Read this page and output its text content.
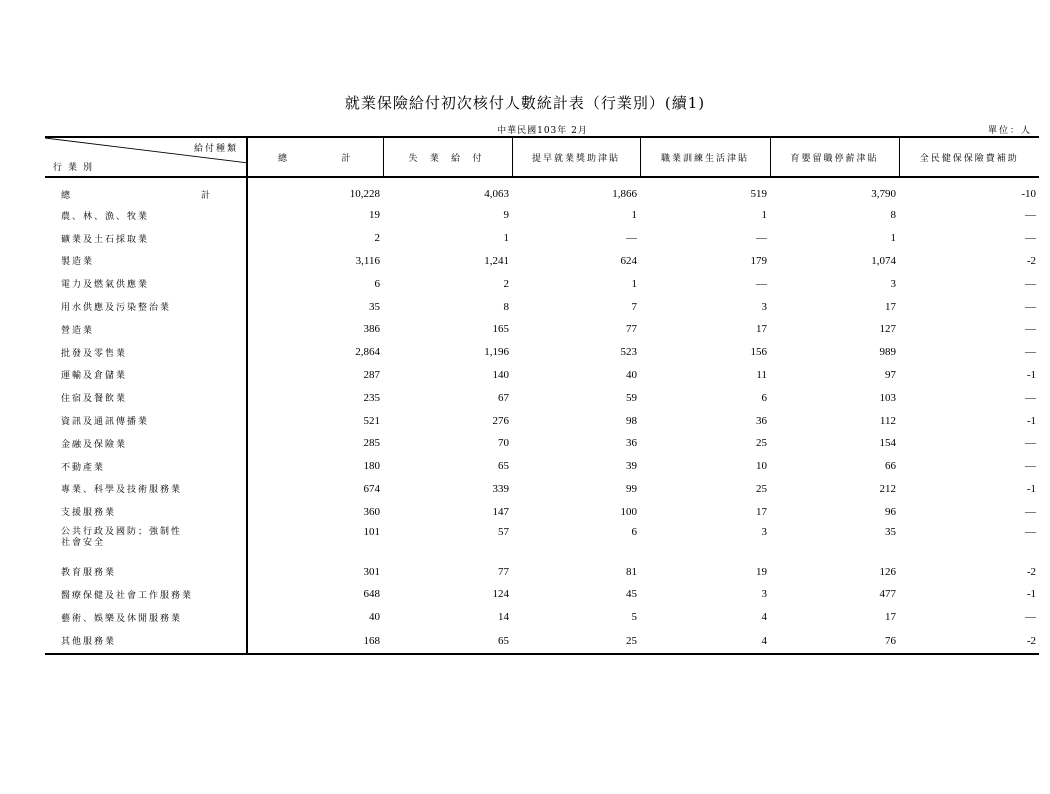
就業保險給付初次核付人數統計表（行業別）(續1)
中華民國103年 2月	單位：人
給付種類
行業別	總 計	失 業 給 付	提早就業獎助津貼	職業訓練生活津貼	育嬰留職停薪津貼	全民健保保險費補助

總 計	10,228	4,063	1,866	519	3,790	-10
農、林、漁、牧業	19	9	1	1	8	—
礦業及土石採取業	2	1	—	—	1	—
製造業	3,116	1,241	624	179	1,074	-2
電力及燃氣供應業	6	2	1	—	3	—
用水供應及污染整治業	35	8	7	3	17	—
營造業	386	165	77	17	127	—
批發及零售業	2,864	1,196	523	156	989	—
運輸及倉儲業	287	140	40	11	97	-1
住宿及餐飲業	235	67	59	6	103	—
資訊及通訊傳播業	521	276	98	36	112	-1
金融及保險業	285	70	36	25	154	—
不動產業	180	65	39	10	66	—
專業、科學及技術服務業	674	339	99	25	212	-1
支援服務業	360	147	100	17	96	—
公共行政及國防；強制性
社會安全	101	57	6	3	35	—
教育服務業	301	77	81	19	126	-2
醫療保健及社會工作服務業	648	124	45	3	477	-1
藝術、娛樂及休閒服務業	40	14	5	4	17	—
其他服務業	168	65	25	4	76	-2
